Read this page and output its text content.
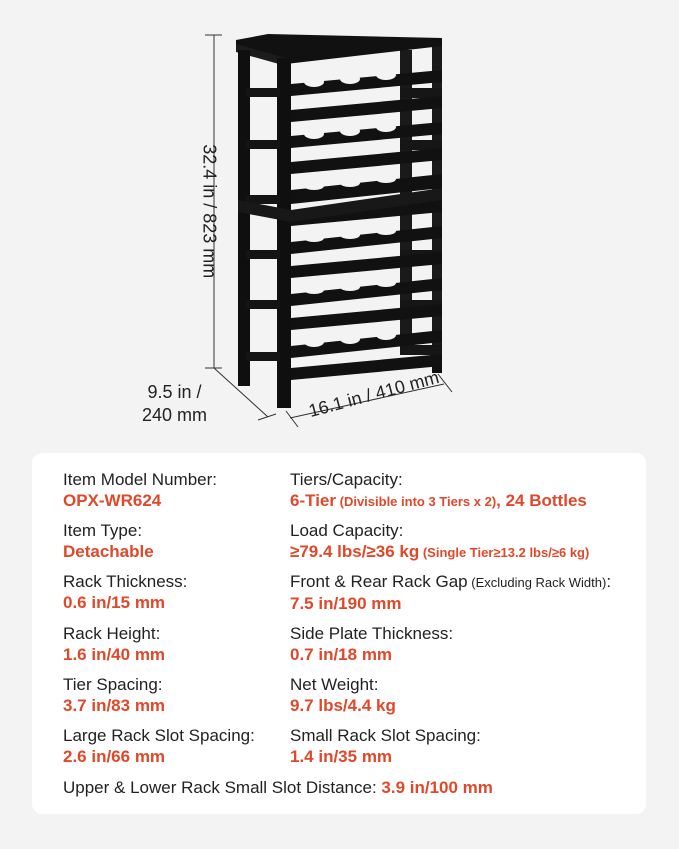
32.4 in / 823 mm
9.5 in /
240 mm	16.1 in / 410 mm
Item Model Number:
OPX-WR624
Item Type:
Detachable
Rack Thickness:
0.6 in/15 mm
Rack Height:
1.6 in/40 mm
Tier Spacing:
3.7 in/83 mm
Large Rack Slot Spacing:
2.6 in/66 mm
Tiers/Capacity:
6-Tier (Divisible into 3 Tiers x 2), 24 Bottles
Load Capacity:
≥79.4 lbs/≥36 kg (Single Tier≥13.2 lbs/≥6 kg)
Front & Rear Rack Gap (Excluding Rack Width):
7.5 in/190 mm
Side Plate Thickness:
0.7 in/18 mm
Net Weight:
9.7 lbs/4.4 kg
Small Rack Slot Spacing:
1.4 in/35 mm
Upper & Lower Rack Small Slot Distance: 3.9 in/100 mm
